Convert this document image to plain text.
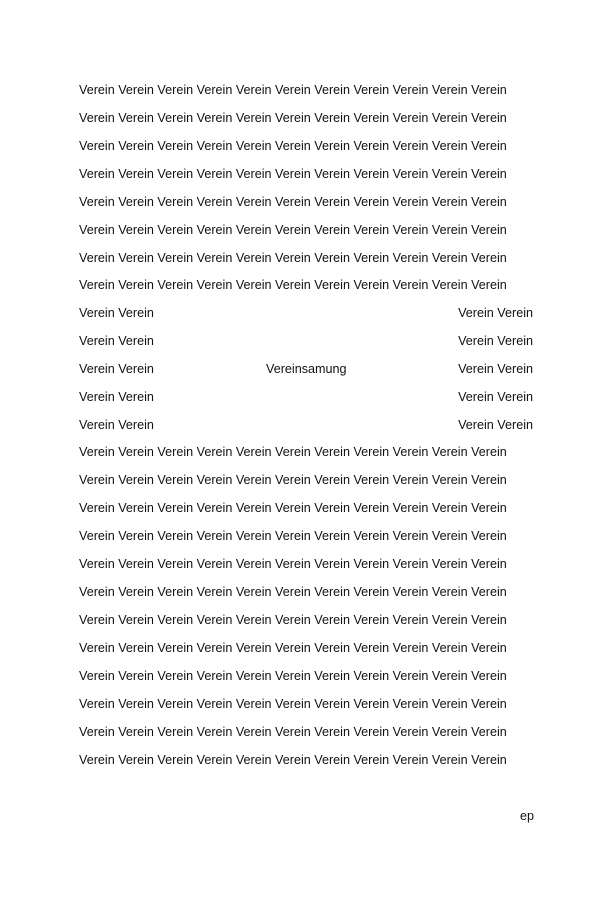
Verein Verein Verein Verein Verein Verein Verein Verein Verein Verein Verein
Verein Verein Verein Verein Verein Verein Verein Verein Verein Verein Verein
Verein Verein Verein Verein Verein Verein Verein Verein Verein Verein Verein
Verein Verein Verein Verein Verein Verein Verein Verein Verein Verein Verein
Verein Verein Verein Verein Verein Verein Verein Verein Verein Verein Verein
Verein Verein Verein Verein Verein Verein Verein Verein Verein Verein Verein
Verein Verein Verein Verein Verein Verein Verein Verein Verein Verein Verein
Verein Verein Verein Verein Verein Verein Verein Verein Verein Verein Verein
Verein Verein	Verein Verein
Verein Verein	Verein Verein
Verein Verein	Vereinsamung	Verein Verein
Verein Verein	Verein Verein
Verein Verein	Verein Verein
Verein Verein Verein Verein Verein Verein Verein Verein Verein Verein Verein
Verein Verein Verein Verein Verein Verein Verein Verein Verein Verein Verein
Verein Verein Verein Verein Verein Verein Verein Verein Verein Verein Verein
Verein Verein Verein Verein Verein Verein Verein Verein Verein Verein Verein
Verein Verein Verein Verein Verein Verein Verein Verein Verein Verein Verein
Verein Verein Verein Verein Verein Verein Verein Verein Verein Verein Verein
Verein Verein Verein Verein Verein Verein Verein Verein Verein Verein Verein
Verein Verein Verein Verein Verein Verein Verein Verein Verein Verein Verein
Verein Verein Verein Verein Verein Verein Verein Verein Verein Verein Verein
Verein Verein Verein Verein Verein Verein Verein Verein Verein Verein Verein
Verein Verein Verein Verein Verein Verein Verein Verein Verein Verein Verein
Verein Verein Verein Verein Verein Verein Verein Verein Verein Verein Verein
ep
